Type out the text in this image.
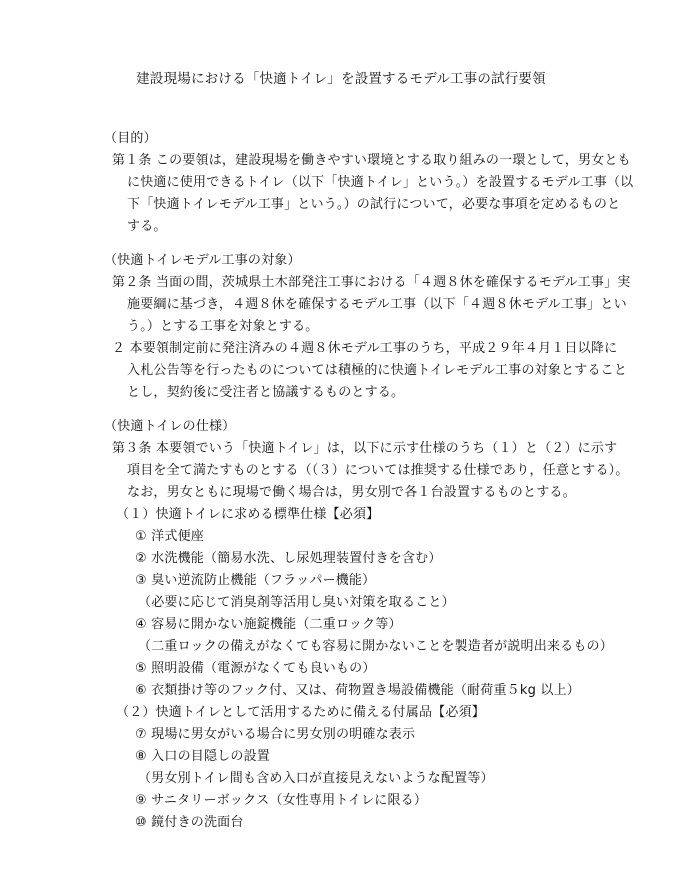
建設現場における「快適トイレ」を設置するモデル工事の試行要領
（目的）
第１条 この要領は，建設現場を働きやすい環境とする取り組みの一環として，男女とも
に快適に使用できるトイレ（以下「快適トイレ」という。）を設置するモデル工事（以
下「快適トイレモデル工事」という。）の試行について，必要な事項を定めるものと
する。
（快適トイレモデル工事の対象）
第２条 当面の間，茨城県土木部発注工事における「４週８休を確保するモデル工事」実
施要綱に基づき，４週８休を確保するモデル工事（以下「４週８休モデル工事」とい
う。）とする工事を対象とする。
２ 本要領制定前に発注済みの４週８休モデル工事のうち，平成２９年４月１日以降に
入札公告等を行ったものについては積極的に快適トイレモデル工事の対象とすること
とし，契約後に受注者と協議するものとする。
（快適トイレの仕様）
第３条 本要領でいう「快適トイレ」は，以下に示す仕様のうち（１）と（２）に示す
項目を全て満たすものとする（（３）については推奨する仕様であり，任意とする）。
なお，男女ともに現場で働く場合は，男女別で各１台設置するものとする。
（１）快適トイレに求める標準仕様【必須】
① 洋式便座
② 水洗機能（簡易水洗、し尿処理装置付きを含む）
③ 臭い逆流防止機能（フラッパー機能）
（必要に応じて消臭剤等活用し臭い対策を取ること）
④ 容易に開かない施錠機能（二重ロック等）
（二重ロックの備えがなくても容易に開かないことを製造者が説明出来るもの）
⑤ 照明設備（電源がなくても良いもの）
⑥ 衣類掛け等のフック付、又は、荷物置き場設備機能（耐荷重５kg 以上）
（２）快適トイレとして活用するために備える付属品【必須】
⑦ 現場に男女がいる場合に男女別の明確な表示
⑧ 入口の目隠しの設置
（男女別トイレ間も含め入口が直接見えないような配置等）
⑨ サニタリーボックス（女性専用トイレに限る）
⑩ 鏡付きの洗面台
